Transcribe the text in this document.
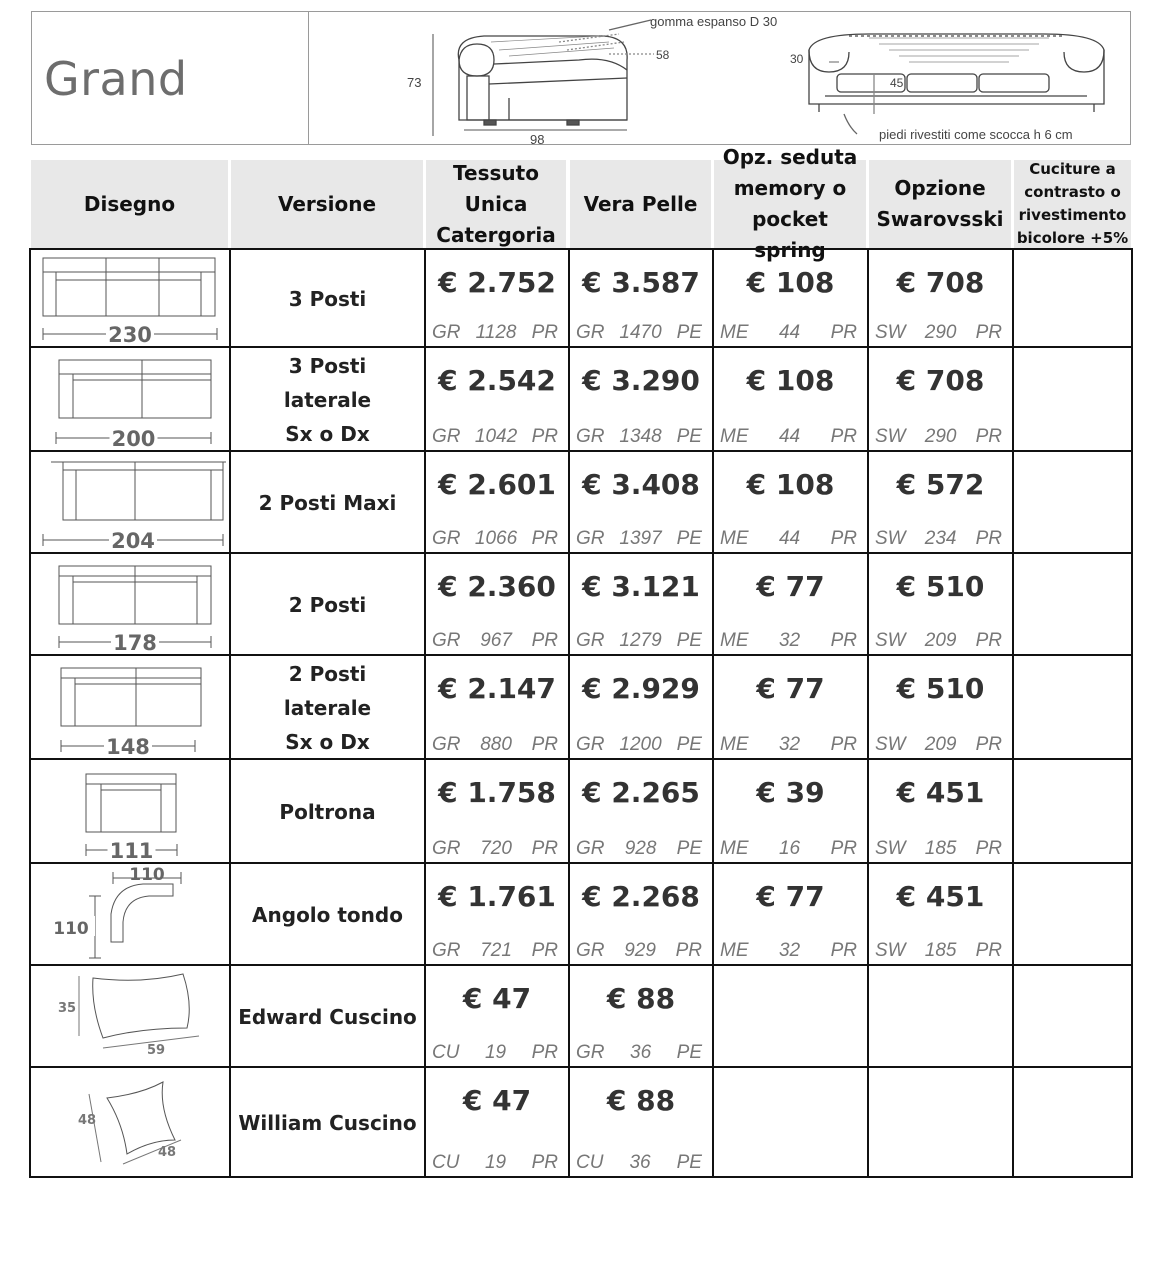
Grand
gomma espanso D 30
73
58
98
30
45
piedi rivestiti come scocca h 6 cm
Disegno	Versione
Tessuto
Unica
Catergoria
Vera Pelle
Opz. seduta
memory o
pocket spring
Opzione
Swarovsski
Cuciture a
contrasto o
rivestimento
bicolore +5%
230
3 Posti	€ 2.752
GR 1128 PR
€ 3.587
GR 1470 PE
€ 108
ME 44 PR
€ 708
SW 290 PR
200
3 Posti
laterale
Sx o Dx
€ 2.542
GR 1042 PR
€ 3.290
GR 1348 PE
€ 108
ME 44 PR
€ 708
SW 290 PR
204
2 Posti Maxi
€ 2.601
GR 1066 PR
€ 3.408
GR 1397 PE
€ 108
ME 44 PR
€ 572
SW 234 PR
178
2 Posti
€ 2.360
GR 967 PR
€ 3.121
GR 1279 PE
€ 77
ME 32 PR
€ 510
SW 209 PR
148
2 Posti
laterale
Sx o Dx
€ 2.147
GR 880 PR
€ 2.929
GR 1200 PE
€ 77
ME 32 PR
€ 510
SW 209 PR
111
Poltrona
€ 1.758
GR 720 PR
€ 2.265
GR 928 PE
€ 39
ME 16 PR
€ 451
SW 185 PR
110
110
Angolo tondo
€ 1.761
GR 721 PR
€ 2.268
GR 929 PR
€ 77
ME 32 PR
€ 451
SW 185 PR
35
59
Edward Cuscino
€ 47
CU 19 PR
€ 88
GR 36 PE
48
48
William Cuscino
€ 47
CU 19 PR
€ 88
CU 36 PE
